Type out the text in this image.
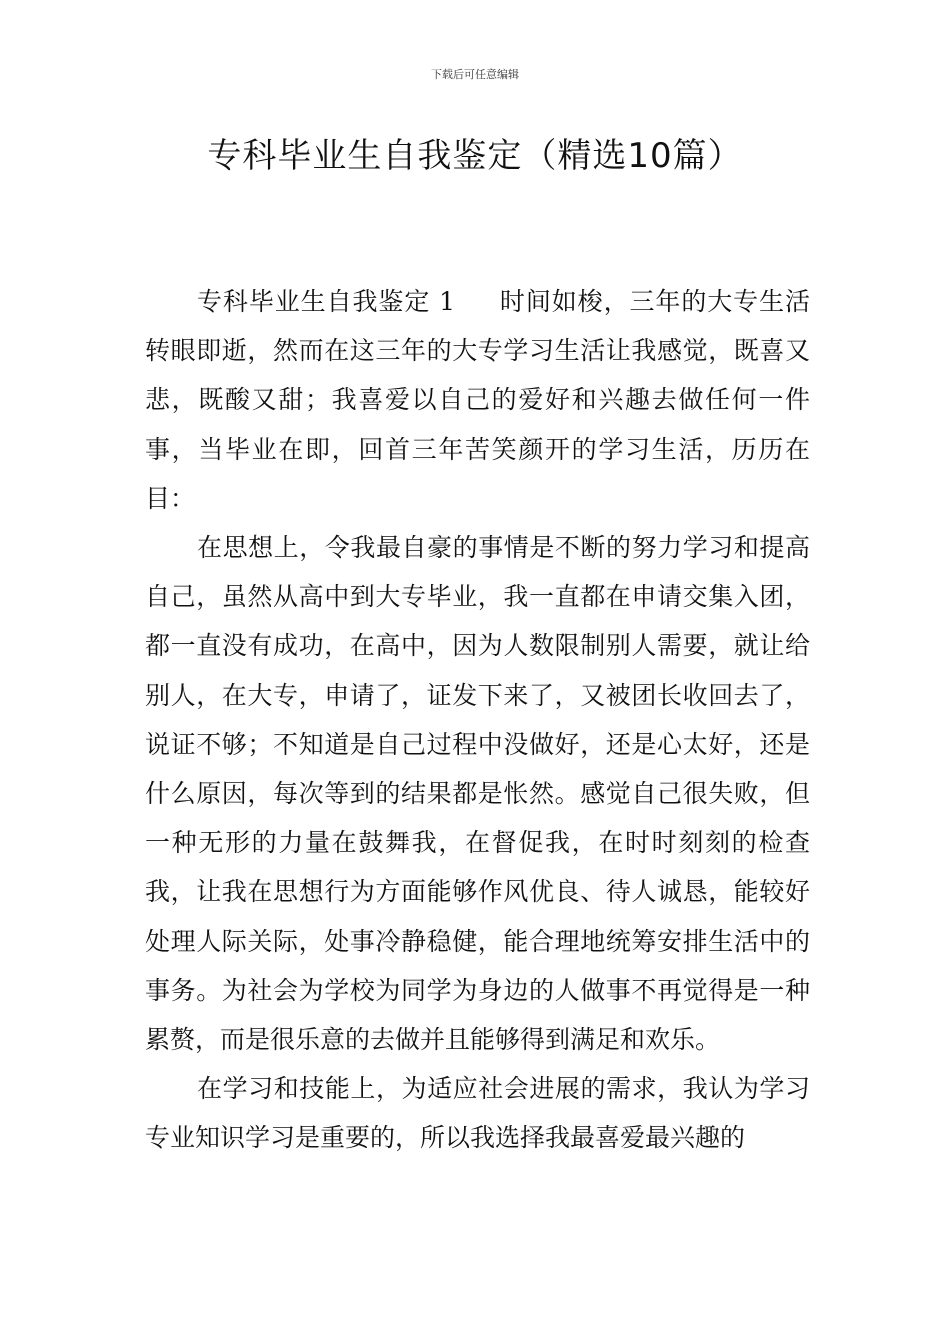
下载后可任意编辑
专科毕业生自我鉴定（精选10篇）

专科毕业生自我鉴定 1 时间如梭，三年的大专生活转眼即逝，然而在这三年的大专学习生活让我感觉，既喜又悲，既酸又甜；我喜爱以自己的爱好和兴趣去做任何一件事，当毕业在即，回首三年苦笑颜开的学习生活，历历在目：

在思想上，令我最自豪的事情是不断的努力学习和提高自己，虽然从高中到大专毕业，我一直都在申请交集入团，都一直没有成功，在高中，因为人数限制别人需要，就让给别人，在大专，申请了，证发下来了，又被团长收回去了，说证不够；不知道是自己过程中没做好，还是心太好，还是什么原因，每次等到的结果都是怅然。感觉自己很失败，但一种无形的力量在鼓舞我，在督促我，在时时刻刻的检查我，让我在思想行为方面能够作风优良、待人诚恳，能较好处理人际关际，处事冷静稳健，能合理地统筹安排生活中的事务。为社会为学校为同学为身边的人做事不再觉得是一种累赘，而是很乐意的去做并且能够得到满足和欢乐。

在学习和技能上，为适应社会进展的需求，我认为学习专业知识学习是重要的，所以我选择我最喜爱最兴趣的
